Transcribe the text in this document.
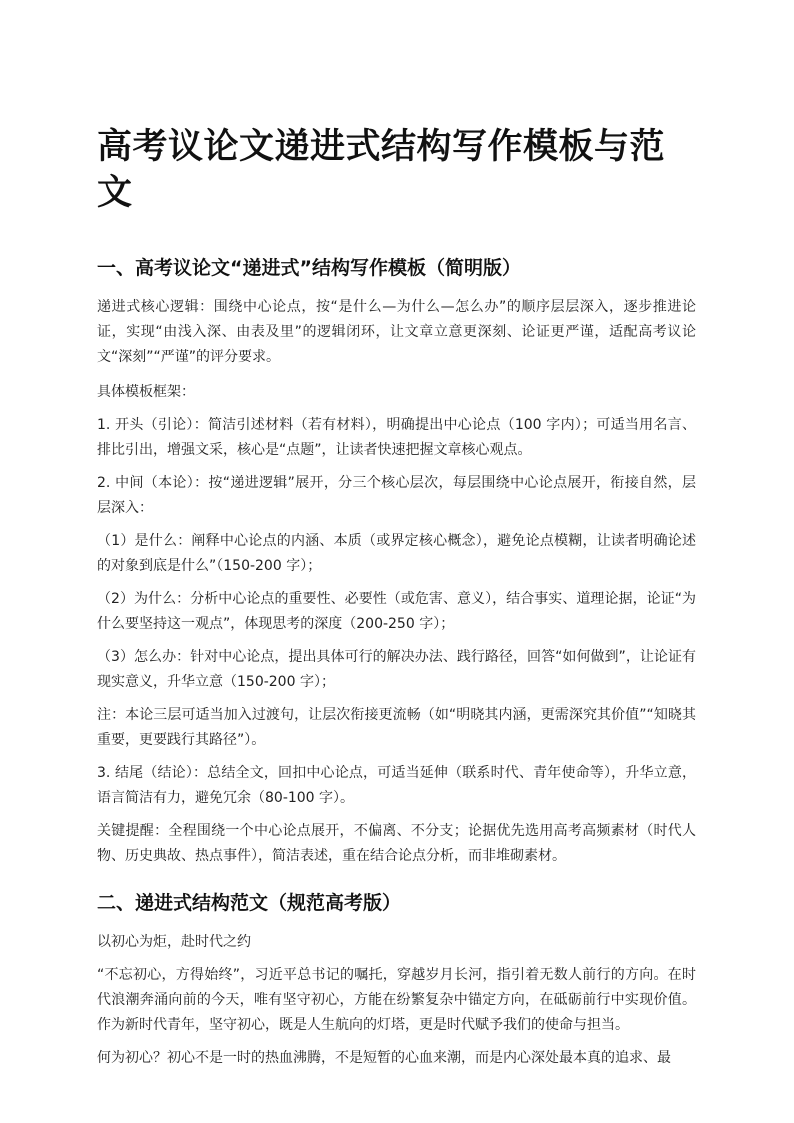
高考议论文递进式结构写作模板与范文
一、高考议论文“递进式”结构写作模板（简明版）

递进式核心逻辑：围绕中心论点，按“是什么—为什么—怎么办”的顺序层层深入，逐步推进论证，实现“由浅入深、由表及里”的逻辑闭环，让文章立意更深刻、论证更严谨，适配高考议论文“深刻”“严谨”的评分要求。

具体模板框架：

1. 开头（引论）：简洁引述材料（若有材料），明确提出中心论点（100 字内）；可适当用名言、排比引出，增强文采，核心是“点题”，让读者快速把握文章核心观点。

2. 中间（本论）：按“递进逻辑”展开，分三个核心层次，每层围绕中心论点展开，衔接自然，层层深入：

（1）是什么：阐释中心论点的内涵、本质（或界定核心概念），避免论点模糊，让读者明确论述的对象到底是什么”（150-200 字）；

（2）为什么：分析中心论点的重要性、必要性（或危害、意义），结合事实、道理论据，论证“为什么要坚持这一观点”，体现思考的深度（200-250 字）；

（3）怎么办：针对中心论点，提出具体可行的解决办法、践行路径，回答“如何做到”，让论证有现实意义，升华立意（150-200 字）；

注：本论三层可适当加入过渡句，让层次衔接更流畅（如“明晓其内涵，更需深究其价值”“知晓其重要，更要践行其路径”）。

3. 结尾（结论）：总结全文，回扣中心论点，可适当延伸（联系时代、青年使命等），升华立意，语言简洁有力，避免冗余（80-100 字）。

关键提醒：全程围绕一个中心论点展开，不偏离、不分支；论据优先选用高考高频素材（时代人物、历史典故、热点事件），简洁表述，重在结合论点分析，而非堆砌素材。

二、递进式结构范文（规范高考版）

以初心为炬，赴时代之约

“不忘初心，方得始终”，习近平总书记的嘱托，穿越岁月长河，指引着无数人前行的方向。在时代浪潮奔涌向前的今天，唯有坚守初心，方能在纷繁复杂中锚定方向，在砥砺前行中实现价值。作为新时代青年，坚守初心，既是人生航向的灯塔，更是时代赋予我们的使命与担当。

何为初心？初心不是一时的热血沸腾，不是短暂的心血来潮，而是内心深处最本真的追求、最
